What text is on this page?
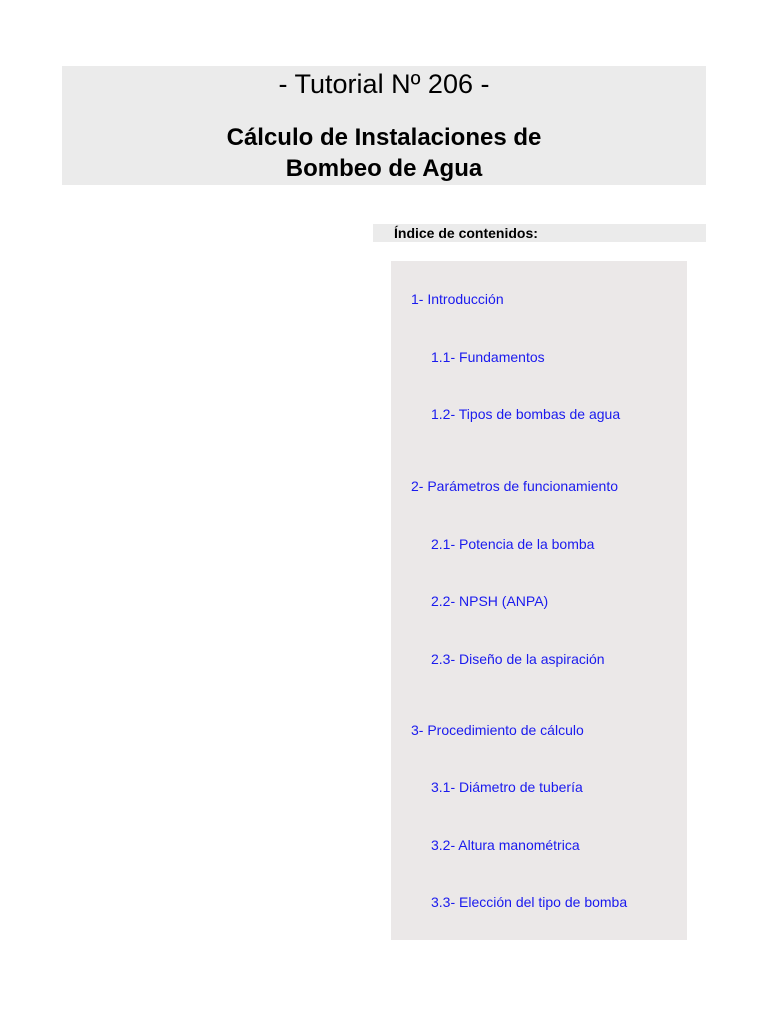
- Tutorial Nº 206 -
Cálculo de Instalaciones de
Bombeo de Agua
Índice de contenidos:
1- Introducción
1.1- Fundamentos
1.2- Tipos de bombas de agua
2- Parámetros de funcionamiento
2.1- Potencia de la bomba
2.2- NPSH (ANPA)
2.3- Diseño de la aspiración
3- Procedimiento de cálculo
3.1- Diámetro de tubería
3.2- Altura manométrica
3.3- Elección del tipo de bomba
